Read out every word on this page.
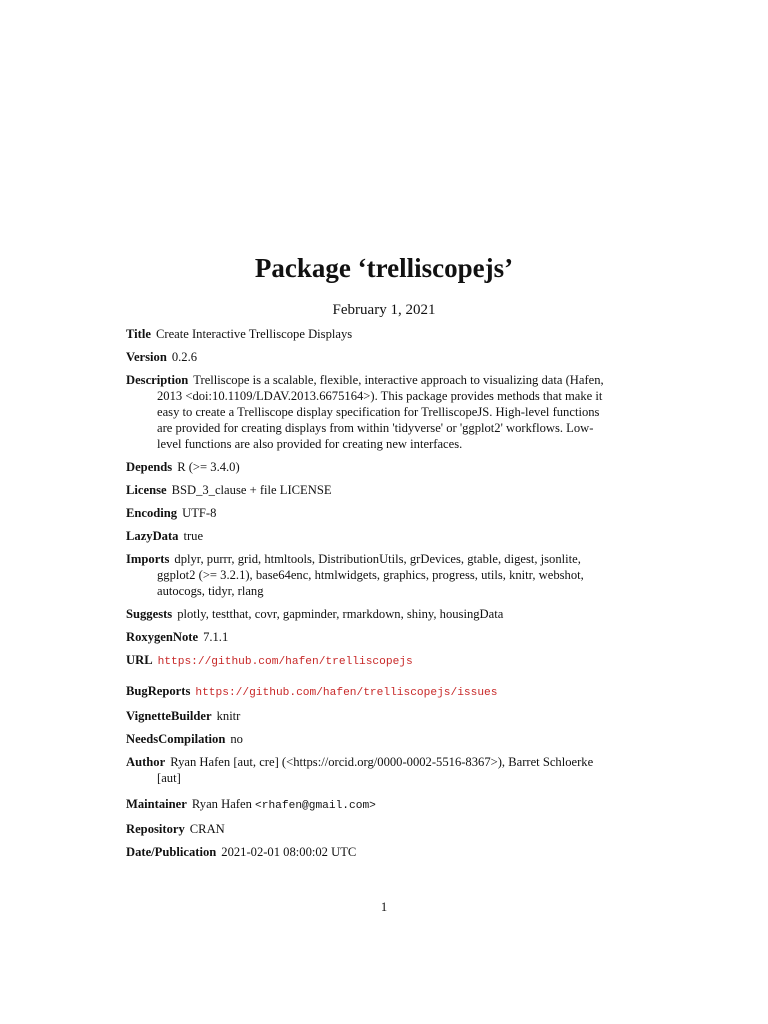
Package ‘trelliscopejs’
February 1, 2021
Title Create Interactive Trelliscope Displays
Version 0.2.6
Description Trelliscope is a scalable, flexible, interactive approach to visualizing data (Hafen, 2013 <doi:10.1109/LDAV.2013.6675164>). This package provides methods that make it easy to create a Trelliscope display specification for TrelliscopeJS. High-level functions are provided for creating displays from within 'tidyverse' or 'ggplot2' workflows. Low-level functions are also provided for creating new interfaces.
Depends R (>= 3.4.0)
License BSD_3_clause + file LICENSE
Encoding UTF-8
LazyData true
Imports dplyr, purrr, grid, htmltools, DistributionUtils, grDevices, gtable, digest, jsonlite, ggplot2 (>= 3.2.1), base64enc, htmlwidgets, graphics, progress, utils, knitr, webshot, autocogs, tidyr, rlang
Suggests plotly, testthat, covr, gapminder, rmarkdown, shiny, housingData
RoxygenNote 7.1.1
URL https://github.com/hafen/trelliscopejs
BugReports https://github.com/hafen/trelliscopejs/issues
VignetteBuilder knitr
NeedsCompilation no
Author Ryan Hafen [aut, cre] (<https://orcid.org/0000-0002-5516-8367>), Barret Schloerke [aut]
Maintainer Ryan Hafen <rhafen@gmail.com>
Repository CRAN
Date/Publication 2021-02-01 08:00:02 UTC
1
